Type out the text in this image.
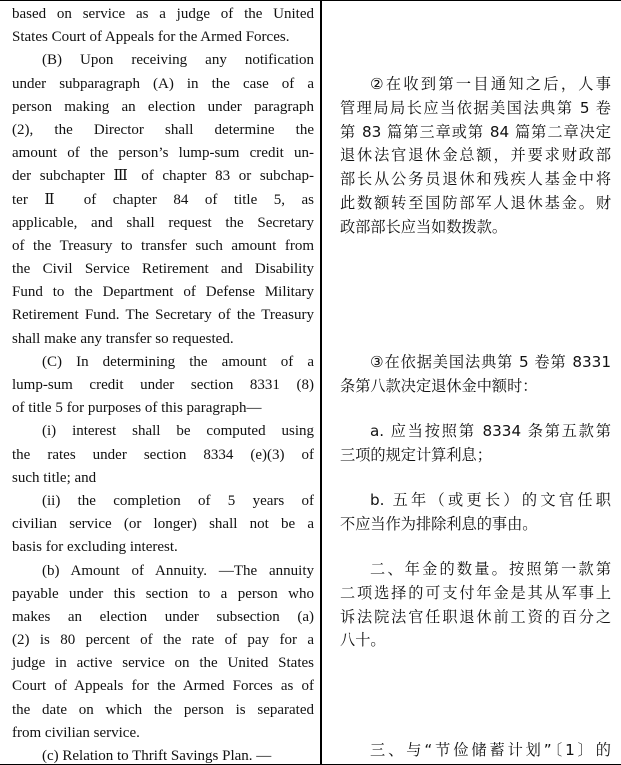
based on service as a judge of the United
States Court of Appeals for the Armed Forces.
(B) Upon receiving any notification
under subparagraph (A) in the case of a
person making an election under paragraph
(2), the Director shall determine the
amount of the person’s lump-sum credit un-
der subchapter Ⅲ of chapter 83 or subchap-
ter Ⅱ of chapter 84 of title 5, as
applicable, and shall request the Secretary
of the Treasury to transfer such amount from
the Civil Service Retirement and Disability
Fund to the Department of Defense Military
Retirement Fund. The Secretary of the Treasury
shall make any transfer so requested.
(C) In determining the amount of a
lump-sum credit under section 8331 (8)
of title 5 for purposes of this paragraph—
(i) interest shall be computed using
the rates under section 8334 (e)(3) of
such title; and
(ii) the completion of 5 years of
civilian service (or longer) shall not be a
basis for excluding interest.
(b) Amount of Annuity. —The annuity
payable under this section to a person who
makes an election under subsection (a)
(2) is 80 percent of the rate of pay for a
judge in active service on the United States
Court of Appeals for the Armed Forces as of
the date on which the person is separated
from civilian service.
(c) Relation to Thrift Savings Plan. —
②在收到第一目通知之后，人事
管理局局长应当依据美国法典第 5 卷
第 83 篇第三章或第 84 篇第二章决定
退休法官退休金总额，并要求财政部
部长从公务员退休和残疾人基金中将
此数额转至国防部军人退休基金。财
政部部长应当如数拨款。
③在依据美国法典第 5 卷第 8331
条第八款决定退休金中额时：
a. 应当按照第 8334 条第五款第
三项的规定计算利息；
b. 五年（或更长）的文官任职
不应当作为排除利息的事由。
二、年金的数量。按照第一款第
二项选择的可支付年金是其从军事上
诉法院法官任职退休前工资的百分之
八十。
三、与“节俭储蓄计划”〔1〕的
